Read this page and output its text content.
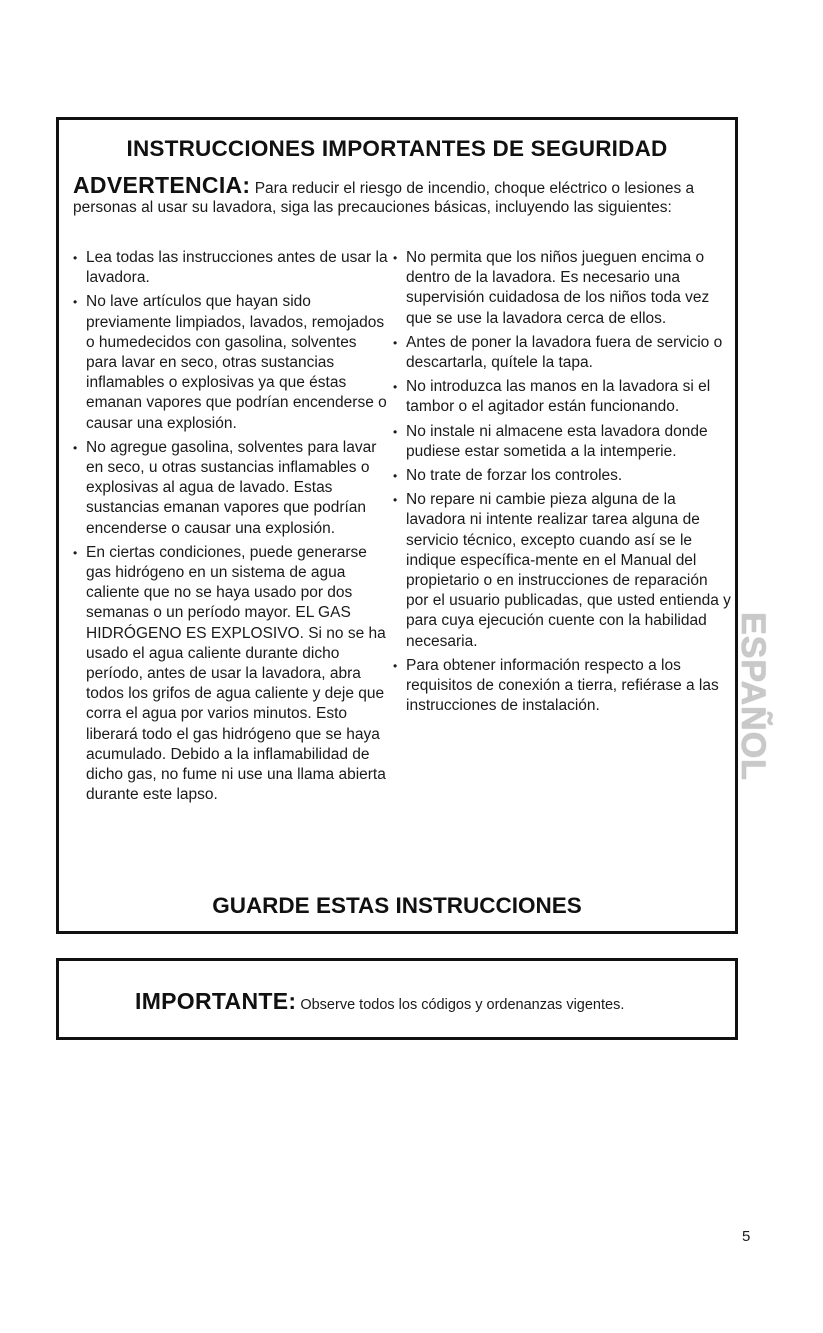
INSTRUCCIONES IMPORTANTES DE SEGURIDAD
ADVERTENCIA: Para reducir el riesgo de incendio, choque eléctrico o lesiones a personas al usar su lavadora, siga las precauciones básicas, incluyendo las siguientes:
• Lea todas las instrucciones antes de usar la lavadora.
• No lave artículos que hayan sido previamente limpiados, lavados, remojados o humedecidos con gasolina, solventes para lavar en seco, otras sustancias inflamables o explosivas ya que éstas emanan vapores que podrían encenderse o causar una explosión.
• No agregue gasolina, solventes para lavar en seco, u otras sustancias inflamables o explosivas al agua de lavado. Estas sustancias emanan vapores que podrían encenderse o causar una explosión.
• En ciertas condiciones, puede generarse gas hidrógeno en un sistema de agua caliente que no se haya usado por dos semanas o un período mayor. EL GAS HIDRÓGENO ES EXPLOSIVO. Si no se ha usado el agua caliente durante dicho período, antes de usar la lavadora, abra todos los grifos de agua caliente y deje que corra el agua por varios minutos. Esto liberará todo el gas hidrógeno que se haya acumulado. Debido a la inflamabilidad de dicho gas, no fume ni use una llama abierta durante este lapso.
• No permita que los niños jueguen encima o dentro de la lavadora. Es necesario una supervisión cuidadosa de los niños toda vez que se use la lavadora cerca de ellos.
• Antes de poner la lavadora fuera de servicio o descartarla, quítele la tapa.
• No introduzca las manos en la lavadora si el tambor o el agitador están funcionando.
• No instale ni almacene esta lavadora donde pudiese estar sometida a la intemperie.
• No trate de forzar los controles.
• No repare ni cambie pieza alguna de la lavadora ni intente realizar tarea alguna de servicio técnico, excepto cuando así se le indique específica-mente en el Manual del propietario o en instrucciones de reparación por el usuario publicadas, que usted entienda y para cuya ejecución cuente con la habilidad necesaria.
• Para obtener información respecto a los requisitos de conexión a tierra, refiérase a las instrucciones de instalación.
GUARDE ESTAS INSTRUCCIONES
IMPORTANTE: Observe todos los códigos y ordenanzas vigentes.
ESPAÑOL
5
